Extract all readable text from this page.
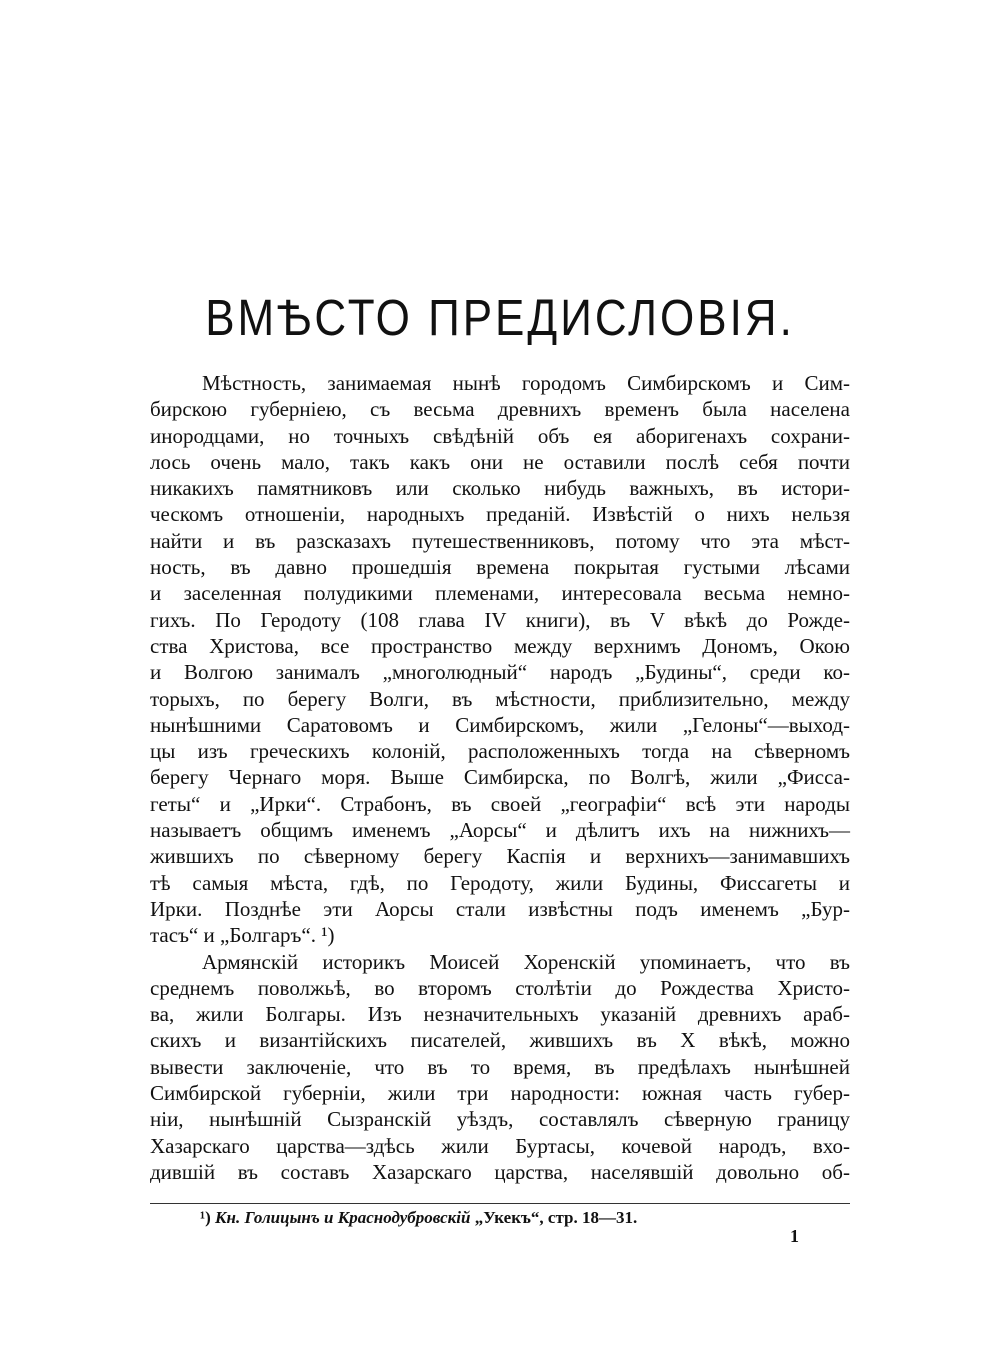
ВМѢСТО ПРЕДИСЛОВІЯ.
Мѣстность, занимаемая нынѣ городомъ Симбирскомъ и Сим-
бирскою губерніею, съ весьма древнихъ временъ была населена
инородцами, но точныхъ свѣдѣній объ ея аборигенахъ сохрани-
лось очень мало, такъ какъ они не оставили послѣ себя почти
никакихъ памятниковъ или сколько нибудь важныхъ, въ истори-
ческомъ отношеніи, народныхъ преданій. Извѣстій о нихъ нельзя
найти и въ разсказахъ путешественниковъ, потому что эта мѣст-
ность, въ давно прошедшія времена покрытая густыми лѣсами
и заселенная полудикими племенами, интересовала весьма немно-
гихъ. По Геродоту (108 глава IV книги), въ V вѣкѣ до Рожде-
ства Христова, все пространство между верхнимъ Дономъ, Окою
и Волгою занималъ „многолюдный“ народъ „Будины“, среди ко-
торыхъ, по берегу Волги, въ мѣстности, приблизительно, между
нынѣшними Саратовомъ и Симбирскомъ, жили „Гелоны“—выход-
цы изъ греческихъ колоній, расположенныхъ тогда на сѣверномъ
берегу Чернаго моря. Выше Симбирска, по Волгѣ, жили „Фисса-
геты“ и „Ирки“. Страбонъ, въ своей „географіи“ всѣ эти народы
называетъ общимъ именемъ „Аорсы“ и дѣлитъ ихъ на нижнихъ—
жившихъ по сѣверному берегу Каспія и верхнихъ—занимавшихъ
тѣ самыя мѣста, гдѣ, по Геродоту, жили Будины, Фиссагеты и
Ирки. Позднѣе эти Аорсы стали извѣстны подъ именемъ „Бур-
тасъ“ и „Болгаръ“. ¹)
Армянскій историкъ Моисей Хоренскій упоминаетъ, что въ
среднемъ поволжьѣ, во второмъ столѣтіи до Рождества Христо-
ва, жили Болгары. Изъ незначительныхъ указаній древнихъ араб-
скихъ и византійскихъ писателей, жившихъ въ X вѣкѣ, можно
вывести заключеніе, что въ то время, въ предѣлахъ нынѣшней
Симбирской губерніи, жили три народности: южная часть губер-
ніи, нынѣшній Сызранскій уѣздъ, составлялъ сѣверную границу
Хазарскаго царства—здѣсь жили Буртасы, кочевой народъ, вхо-
дившій въ составъ Хазарскаго царства, населявшій довольно об-
¹) Кн. Голицынъ и Краснодубровскій „Укекъ“, стр. 18—31.
1
